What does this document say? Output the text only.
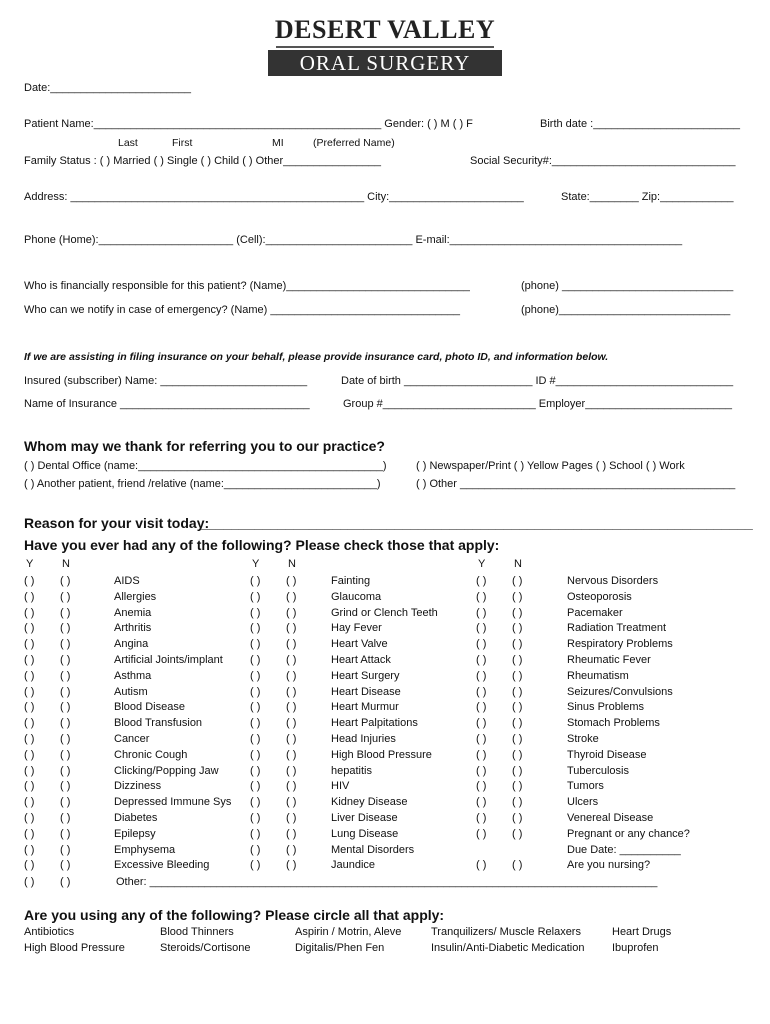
DESERT VALLEY
ORAL SURGERY
Date:_______________________
Patient Name:_______________________________________________ Gender: ( ) M ( ) F	Birth date :________________________
Last	First	MI	(Preferred Name)
Family Status : ( ) Married ( ) Single ( ) Child ( ) Other________________	Social Security#:______________________________
Address: ________________________________________________ City:______________________	State:________ Zip:____________
Phone (Home):______________________ (Cell):________________________ E-mail:______________________________________
Who is financially responsible for this patient? (Name)______________________________	(phone) ____________________________
Who can we notify in case of emergency? (Name) _______________________________	(phone)____________________________
If we are assisting in filing insurance on your behalf, please provide insurance card, photo ID, and information below.
Insured (subscriber) Name: ________________________	Date of birth _____________________ ID #_____________________________
Name of Insurance _______________________________	Group #_________________________ Employer________________________
Whom may we thank for referring you to our practice?
( ) Dental Office (name:________________________________________)	( ) Newspaper/Print ( ) Yellow Pages ( ) School ( ) Work
( ) Another patient, friend /relative (name:_________________________)	( ) Other _____________________________________________
Reason for your visit today:
_______________________________________________________________________
Have you ever had any of the following? Please check those that apply:
Y	N
( ) ( )	AIDS
( ) ( )	Allergies
( ) ( )	Anemia
( ) ( )	Arthritis
( ) ( )	Angina
( ) ( )	Artificial Joints/implant
( ) ( )	Asthma
( ) ( )	Autism
( ) ( )	Blood Disease
( ) ( )	Blood Transfusion
( ) ( )	Cancer
( ) ( )	Chronic Cough
( ) ( )	Clicking/Popping Jaw
( ) ( )	Dizziness
( ) ( )	Depressed Immune Sys
( ) ( )	Diabetes
( ) ( )	Epilepsy
( ) ( )	Emphysema
( ) ( )	Excessive Bleeding
Y	N
( ) ( )	Fainting
( ) ( )	Glaucoma
( ) ( )	Grind or Clench Teeth
( ) ( )	Hay Fever
( ) ( )	Heart Valve
( ) ( )	Heart Attack
( ) ( )	Heart Surgery
( ) ( )	Heart Disease
( ) ( )	Heart Murmur
( ) ( )	Heart Palpitations
( ) ( )	Head Injuries
( ) ( )	High Blood Pressure
( ) ( )	hepatitis
( ) ( )	HIV
( ) ( )	Kidney Disease
( ) ( )	Liver Disease
( ) ( )	Lung Disease
( ) ( )	Mental Disorders
( ) ( )	Jaundice
Y	N
( ) ( )	Nervous Disorders
( ) ( )	Osteoporosis
( ) ( )	Pacemaker
( ) ( )	Radiation Treatment
( ) ( )	Respiratory Problems
( ) ( )	Rheumatic Fever
( ) ( )	Rheumatism
( ) ( )	Seizures/Convulsions
( ) ( )	Sinus Problems
( ) ( )	Stomach Problems
( ) ( )	Stroke
( ) ( )	Thyroid Disease
( ) ( )	Tuberculosis
( ) ( )	Tumors
( ) ( )	Ulcers
( ) ( )	Venereal Disease
( ) ( )	Pregnant or any chance?
Due Date: __________
( ) ( )	Are you nursing?
( ) ( )	Other: ___________________________________________________________________________________
Are you using any of the following? Please circle all that apply:
Antibiotics	Blood Thinners	Aspirin / Motrin, Aleve	Tranquilizers/ Muscle Relaxers	Heart Drugs
High Blood Pressure	Steroids/Cortisone	Digitalis/Phen Fen	Insulin/Anti-Diabetic Medication	Ibuprofen
